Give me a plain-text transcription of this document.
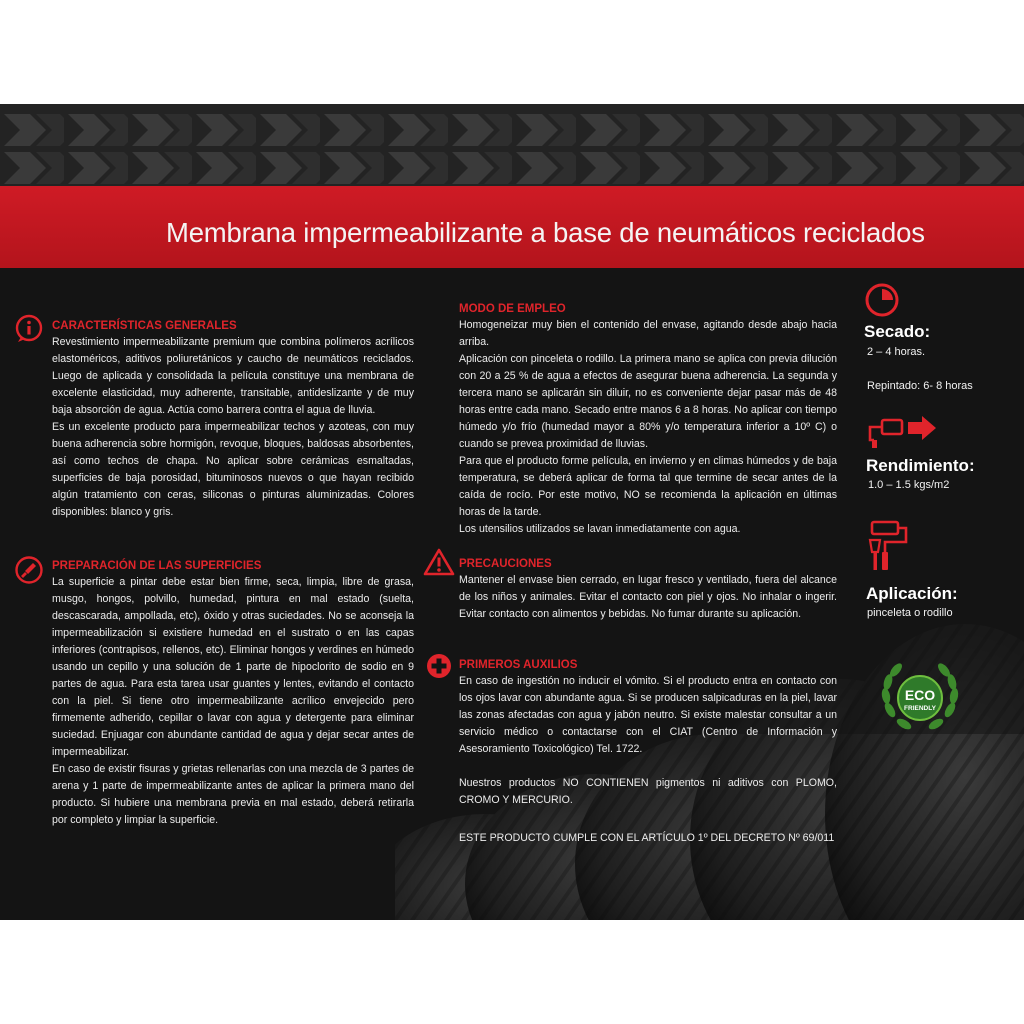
Membrana impermeabilizante a base de neumáticos reciclados
CARACTERÍSTICAS GENERALES

Revestimiento impermeabilizante premium que combina polímeros acrílicos elastoméricos, aditivos poliuretánicos y caucho de neumáticos reciclados. Luego de aplicada y consolidada la película constituye una membrana de excelente elasticidad, muy adherente, transitable, antideslizante y de muy baja absorción de agua. Actúa como barrera contra el agua de lluvia.

Es un excelente producto para impermeabilizar techos y azoteas, con muy buena adherencia sobre hormigón, revoque, bloques, baldosas absorbentes, así como techos de chapa. No aplicar sobre cerámicas esmaltadas, superficies de baja porosidad, bituminosos nuevos o que hayan recibido algún tratamiento con ceras, siliconas o pinturas aluminizadas. Colores disponibles: blanco y gris.

PREPARACIÓN DE LAS SUPERFICIES

La superficie a pintar debe estar bien firme, seca, limpia, libre de grasa, musgo, hongos, polvillo, humedad, pintura en mal estado (suelta, descascarada, ampollada, etc), óxido y otras suciedades. No se aconseja la impermeabilización si existiere humedad en el sustrato o en las capas inferiores (contrapisos, rellenos, etc). Eliminar hongos y verdines en húmedo usando un cepillo y una solución de 1 parte de hipoclorito de sodio en 9 partes de agua. Para esta tarea usar guantes y lentes, evitando el contacto con la piel. Si tiene otro impermeabilizante acrílico envejecido pero firmemente adherido, cepillar o lavar con agua y detergente para eliminar suciedad. Enjuagar con abundante cantidad de agua y dejar secar antes de impermeabilizar.

En caso de existir fisuras y grietas rellenarlas con una mezcla de 3 partes de arena y 1 parte de impermeabilizante antes de aplicar la primera mano del producto. Si hubiere una membrana previa en mal estado, deberá retirarla por completo y limpiar la superficie.

MODO DE EMPLEO

Homogeneizar muy bien el contenido del envase, agitando desde abajo hacia arriba.

Aplicación con pinceleta o rodillo. La primera mano se aplica con previa dilución con 20 a 25 % de agua a efectos de asegurar buena adherencia. La segunda y tercera mano se aplicarán sin diluir, no es conveniente dejar pasar más de 48 horas entre cada mano. Secado entre manos 6 a 8 horas. No aplicar con tiempo húmedo y/o frío (humedad mayor a 80% y/o temperatura inferior a 10º C) o cuando se prevea proximidad de lluvias.

Para que el producto forme película, en invierno y en climas húmedos y de baja temperatura, se deberá aplicar de forma tal que termine de secar antes de la caída de rocío. Por este motivo, NO se recomienda la aplicación en últimas horas de la tarde.

Los utensilios utilizados se lavan inmediatamente con agua.

PRECAUCIONES

Mantener el envase bien cerrado, en lugar fresco y ventilado, fuera del alcance de los niños y animales. Evitar el contacto con piel y ojos. No inhalar o ingerir. Evitar contacto con alimentos y bebidas. No fumar durante su aplicación.

PRIMEROS AUXILIOS

En caso de ingestión no inducir el vómito. Si el producto entra en contacto con los ojos lavar con abundante agua. Si se producen salpicaduras en la piel, lavar las zonas afectadas con agua y jabón neutro. Si existe malestar consultar a un servicio médico o contactarse con el CIAT (Centro de Información y Asesoramiento Toxicológico) Tel. 1722.

Nuestros productos NO CONTIENEN pigmentos ni aditivos con PLOMO, CROMO Y MERCURIO.

ESTE PRODUCTO CUMPLE CON EL ARTÍCULO 1º DEL DECRETO Nº 69/011

Secado:

2 – 4 horas.

Repintado: 6- 8 horas

Rendimiento:

1.0 – 1.5 kgs/m2

Aplicación:

pinceleta o rodillo

ECO
FRIENDLY
